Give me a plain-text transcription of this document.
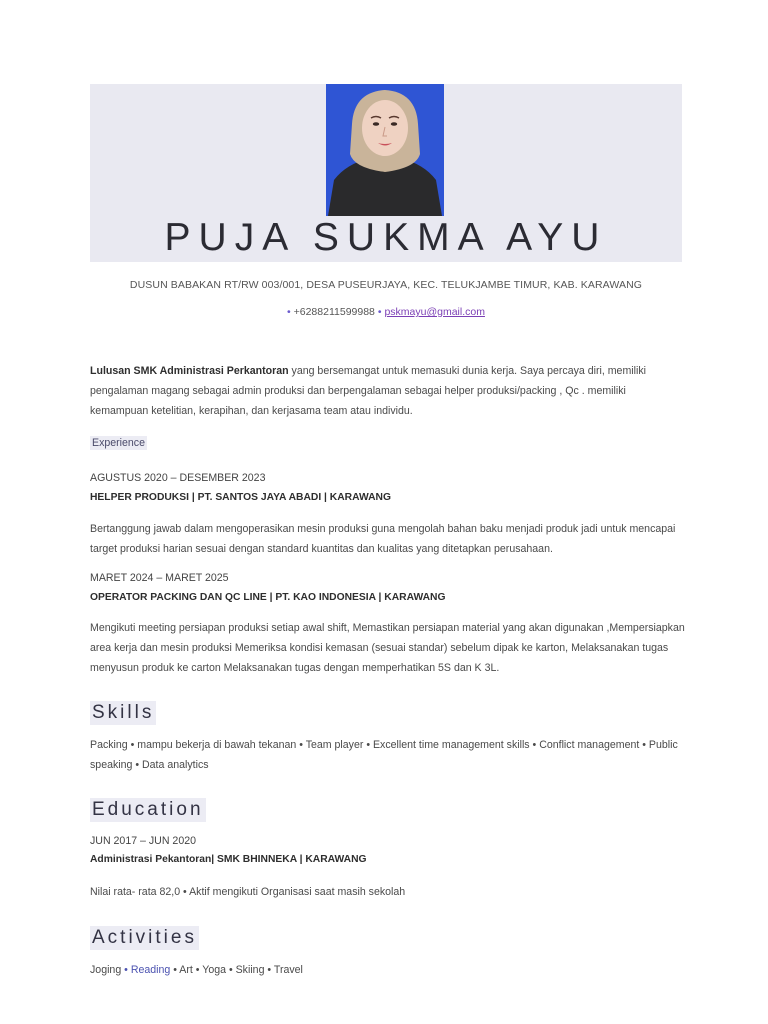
PUJA SUKMA AYU
DUSUN BABAKAN RT/RW 003/001, DESA PUSEURJAYA, KEC. TELUKJAMBE TIMUR, KAB. KARAWANG
• +6288211599988 • pskmayu@gmail.com
Lulusan SMK Administrasi Perkantoran yang bersemangat untuk memasuki dunia kerja. Saya percaya diri, memiliki pengalaman magang sebagai admin produksi dan berpengalaman sebagai helper produksi/packing , Qc . memiliki kemampuan ketelitian, kerapihan, dan kerjasama team atau individu.
Experience
AGUSTUS 2020 – DESEMBER 2023
HELPER PRODUKSI | PT. SANTOS JAYA ABADI | KARAWANG
Bertanggung jawab dalam mengoperasikan mesin produksi guna mengolah bahan baku menjadi produk jadi untuk mencapai target produksi harian sesuai dengan standard kuantitas dan kualitas yang ditetapkan perusahaan.
MARET 2024 – MARET 2025
OPERATOR PACKING DAN QC LINE | PT. KAO INDONESIA | KARAWANG
Mengikuti meeting persiapan produksi setiap awal shift, Memastikan persiapan material yang akan digunakan ,Mempersiapkan area kerja dan mesin produksi Memeriksa kondisi kemasan (sesuai standar) sebelum dipak ke karton, Melaksanakan tugas menyusun produk ke carton Melaksanakan tugas dengan memperhatikan 5S dan K 3L.
Skills
Packing • mampu bekerja di bawah tekanan • Team player • Excellent time management skills • Conflict management • Public speaking • Data analytics
Education
JUN 2017 – JUN 2020
Administrasi Pekantoran| SMK BHINNEKA | KARAWANG
Nilai rata- rata 82,0 • Aktif mengikuti Organisasi saat masih sekolah
Activities
Joging • Reading • Art • Yoga • Skiing • Travel
